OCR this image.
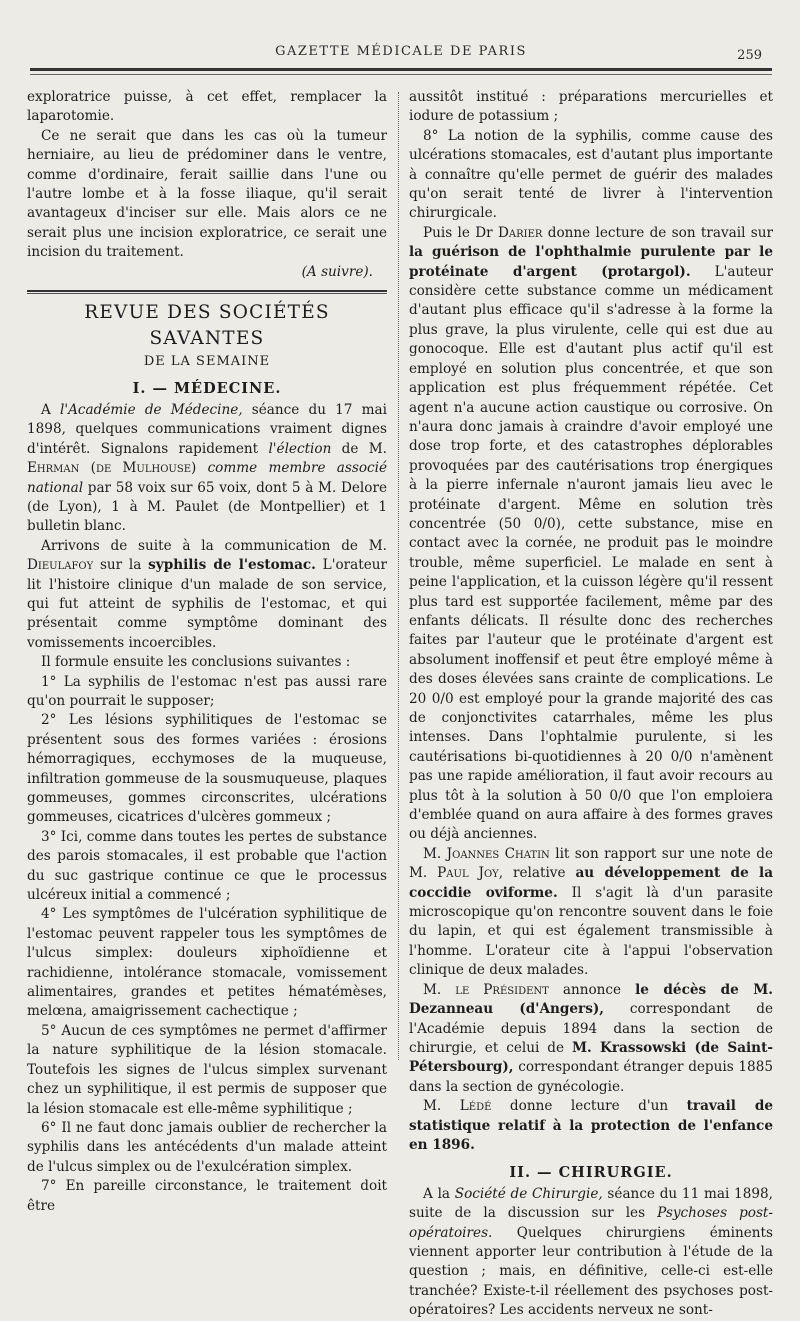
GAZETTE MÉDICALE DE PARIS	259

exploratrice puisse, à cet effet, remplacer la laparotomie.

Ce ne serait que dans les cas où la tumeur herniaire, au lieu de prédominer dans le ventre, comme d'ordinaire, ferait saillie dans l'une ou l'autre lombe et à la fosse iliaque, qu'il serait avantageux d'inciser sur elle. Mais alors ce ne serait plus une incision exploratrice, ce serait une incision du traitement.

(A suivre).
REVUE DES SOCIÉTÉS SAVANTES
DE LA SEMAINE
I. — MÉDECINE.

A l'Académie de Médecine, séance du 17 mai 1898, quelques communications vraiment dignes d'intérêt. Signalons rapidement l'élection de M. Ehrman (de Mulhouse) comme membre associé national par 58 voix sur 65 voix, dont 5 à M. Delore (de Lyon), 1 à M. Paulet (de Montpellier) et 1 bulletin blanc.

Arrivons de suite à la communication de M. Dieulafoy sur la syphilis de l'estomac. L'orateur lit l'histoire clinique d'un malade de son service, qui fut atteint de syphilis de l'estomac, et qui présentait comme symptôme dominant des vomissements incoercibles.

Il formule ensuite les conclusions suivantes :

1° La syphilis de l'estomac n'est pas aussi rare qu'on pourrait le supposer;

2° Les lésions syphilitiques de l'estomac se présentent sous des formes variées : érosions hémorragiques, ecchymoses de la muqueuse, infiltration gommeuse de la sousmuqueuse, plaques gommeuses, gommes circonscrites, ulcérations gommeuses, cicatrices d'ulcères gommeux ;

3° Ici, comme dans toutes les pertes de substance des parois stomacales, il est probable que l'action du suc gastrique continue ce que le processus ulcéreux initial a commencé ;

4° Les symptômes de l'ulcération syphilitique de l'estomac peuvent rappeler tous les symptômes de l'ulcus simplex: douleurs xiphoïdienne et rachidienne, intolérance stomacale, vomissement alimentaires, grandes et petites hématémèses, melœna, amaigrissement cachectique ;

5° Aucun de ces symptômes ne permet d'affirmer la nature syphilitique de la lésion stomacale. Toutefois les signes de l'ulcus simplex survenant chez un syphilitique, il est permis de supposer que la lésion stomacale est elle-même syphilitique ;

6° Il ne faut donc jamais oublier de rechercher la syphilis dans les antécédents d'un malade atteint de l'ulcus simplex ou de l'exulcération simplex.

7° En pareille circonstance, le traitement doit être

aussitôt institué : préparations mercurielles et iodure de potassium ;

8° La notion de la syphilis, comme cause des ulcérations stomacales, est d'autant plus importante à connaître qu'elle permet de guérir des malades qu'on serait tenté de livrer à l'intervention chirurgicale.

Puis le Dr Darier donne lecture de son travail sur la guérison de l'ophthalmie purulente par le protéinate d'argent (protargol). L'auteur considère cette substance comme un médicament d'autant plus efficace qu'il s'adresse à la forme la plus grave, la plus virulente, celle qui est due au gonocoque. Elle est d'autant plus actif qu'il est employé en solution plus concentrée, et que son application est plus fréquemment répétée. Cet agent n'a aucune action caustique ou corrosive. On n'aura donc jamais à craindre d'avoir employé une dose trop forte, et des catastrophes déplorables provoquées par des cautérisations trop énergiques à la pierre infernale n'auront jamais lieu avec le protéinate d'argent. Même en solution très concentrée (50 0/0), cette substance, mise en contact avec la cornée, ne produit pas le moindre trouble, même superficiel. Le malade en sent à peine l'application, et la cuisson légère qu'il ressent plus tard est supportée facilement, même par des enfants délicats. Il résulte donc des recherches faites par l'auteur que le protéinate d'argent est absolument inoffensif et peut être employé même à des doses élevées sans crainte de complications. Le 20 0/0 est employé pour la grande majorité des cas de conjonctivites catarrhales, même les plus intenses. Dans l'ophtalmie purulente, si les cautérisations bi-quotidiennes à 20 0/0 n'amènent pas une rapide amélioration, il faut avoir recours au plus tôt à la solution à 50 0/0 que l'on emploiera d'emblée quand on aura affaire à des formes graves ou déjà anciennes.

M. Joannes Chatin lit son rapport sur une note de M. Paul Joy, relative au développement de la coccidie oviforme. Il s'agit là d'un parasite microscopique qu'on rencontre souvent dans le foie du lapin, et qui est également transmissible à l'homme. L'orateur cite à l'appui l'observation clinique de deux malades.

M. le Président annonce le décès de M. Dezanneau (d'Angers), correspondant de l'Académie depuis 1894 dans la section de chirurgie, et celui de M. Krassowski (de Saint-Pétersbourg), correspondant étranger depuis 1885 dans la section de gynécologie.

M. Lédé donne lecture d'un travail de statistique relatif à la protection de l'enfance en 1896.

II. — CHIRURGIE.

A la Société de Chirurgie, séance du 11 mai 1898, suite de la discussion sur les Psychoses post-opératoires. Quelques chirurgiens éminents viennent apporter leur contribution à l'étude de la question ; mais, en définitive, celle-ci est-elle tranchée? Existe-t-il réellement des psychoses post-opératoires? Les accidents nerveux ne sont-
